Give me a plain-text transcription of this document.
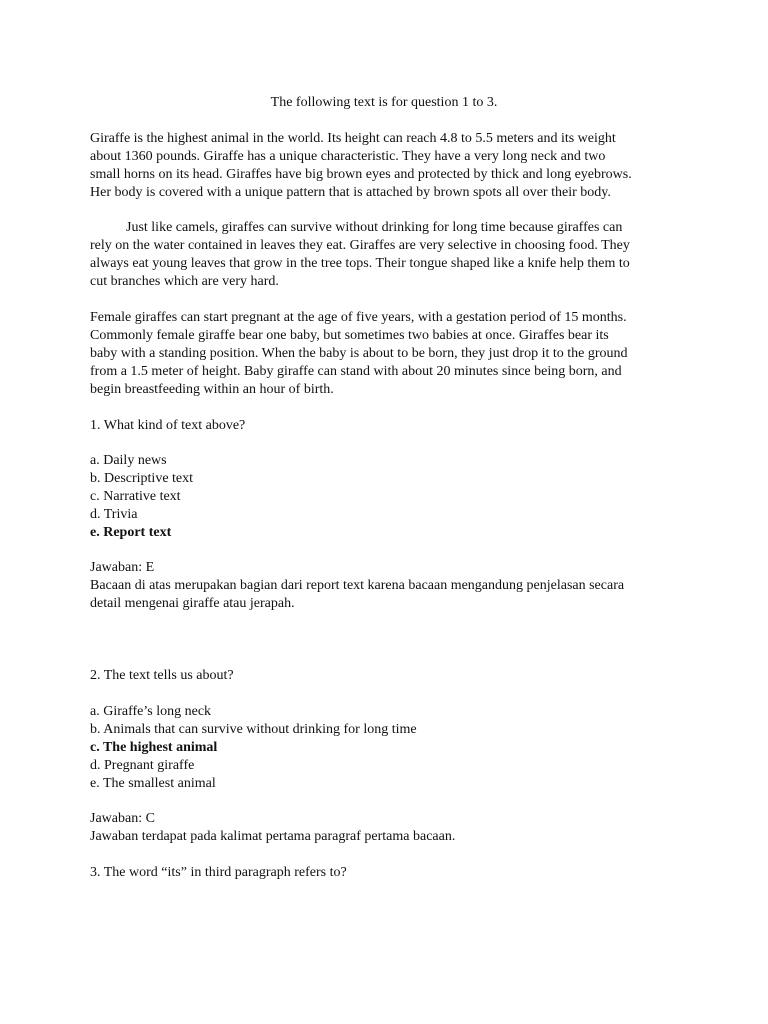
The following text is for question 1 to 3.
Giraffe is the highest animal in the world. Its height can reach 4.8 to 5.5 meters and its weight
about 1360 pounds. Giraffe has a unique characteristic. They have a very long neck and two
small horns on its head. Giraffes have big brown eyes and protected by thick and long eyebrows.
Her body is covered with a unique pattern that is attached by brown spots all over their body.
Just like camels, giraffes can survive without drinking for long time because giraffes can
rely on the water contained in leaves they eat. Giraffes are very selective in choosing food. They
always eat young leaves that grow in the tree tops. Their tongue shaped like a knife help them to
cut branches which are very hard.
Female giraffes can start pregnant at the age of five years, with a gestation period of 15 months.
Commonly female giraffe bear one baby, but sometimes two babies at once. Giraffes bear its
baby with a standing position. When the baby is about to be born, they just drop it to the ground
from a 1.5 meter of height. Baby giraffe can stand with about 20 minutes since being born, and
begin breastfeeding within an hour of birth.
1. What kind of text above?
a. Daily news
b. Descriptive text
c. Narrative text
d. Trivia
e. Report text
Jawaban: E
Bacaan di atas merupakan bagian dari report text karena bacaan mengandung penjelasan secara
detail mengenai giraffe atau jerapah.
2. The text tells us about?
a. Giraffe’s long neck
b. Animals that can survive without drinking for long time
c. The highest animal
d. Pregnant giraffe
e. The smallest animal
Jawaban: C
Jawaban terdapat pada kalimat pertama paragraf pertama bacaan.
3. The word “its” in third paragraph refers to?
